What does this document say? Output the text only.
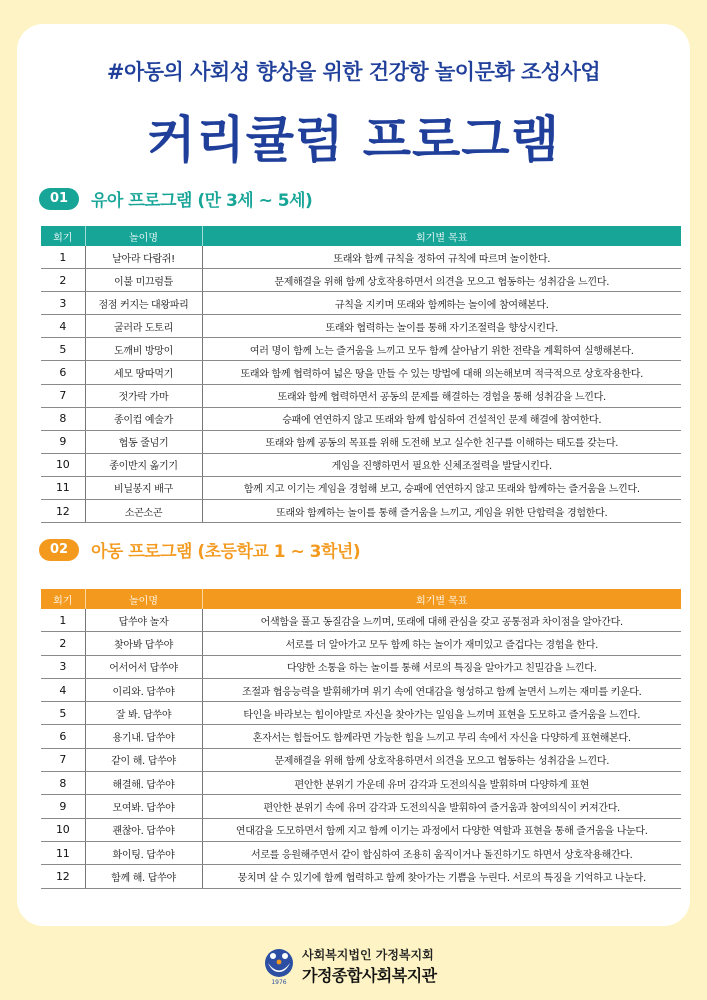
#아동의 사회성 향상을 위한 건강항 놀이문화 조성사업
커리큘럼 프로그램
01	유아 프로그램 (만 3세 ~ 5세)
회기	놀이명	회기별 목표
1	날아라 다람쥐!	또래와 함께 규칙을 정하여 규칙에 따르며 놀이한다.
2	이불 미끄럼틀	문제해결을 위해 함께 상호작용하면서 의견을 모으고 협동하는 성취감을 느낀다.
3	점점 커지는 대왕파리	규칙을 지키며 또래와 함께하는 놀이에 참여해본다.
4	굴러라 도토리	또래와 협력하는 놀이를 통해 자기조절력을 향상시킨다.
5	도깨비 방망이	여러 명이 함께 노는 즐거움을 느끼고 모두 함께 살아남기 위한 전략을 계획하여 실행해본다.
6	세모 땅따먹기	또래와 함께 협력하여 넓은 땅을 만들 수 있는 방법에 대해 의논해보며 적극적으로 상호작용한다.
7	젓가락 가마	또래와 함께 협력하면서 공동의 문제를 해결하는 경험을 통해 성취감을 느낀다.
8	종이컵 예술가	승패에 연연하지 않고 또래와 함께 합심하여 건설적인 문제 해결에 참여한다.
9	협동 줄넘기	또래와 함께 공동의 목표를 위해 도전해 보고 실수한 친구를 이해하는 태도를 갖는다.
10	종이반지 옮기기	게임을 진행하면서 필요한 신체조절력을 발달시킨다.
11	비닐봉지 배구	함께 지고 이기는 게임을 경험해 보고, 승패에 연연하지 않고 또래와 함께하는 즐거움을 느낀다.
12	소곤소곤	또래와 함께하는 놀이를 통해 즐거움을 느끼고, 게임을 위한 단합력을 경험한다.
02	아동 프로그램 (초등학교 1 ~ 3학년)
회기	놀이명	회기별 목표
1	답쑤야 놀자	어색함을 풀고 동질감을 느끼며, 또래에 대해 관심을 갖고 공통점과 차이점을 알아간다.
2	찾아봐 답쑤야	서로를 더 알아가고 모두 함께 하는 놀이가 재미있고 즐겁다는 경험을 한다.
3	어서어서 답쑤야	다양한 소통을 하는 놀이를 통해 서로의 특징을 알아가고 친밀감을 느낀다.
4	이리와. 답쑤야	조절과 협응능력을 발휘해가며 위기 속에 연대감을 형성하고 함께 놀면서 느끼는 재미를 키운다.
5	잘 봐. 답쑤야	타인을 바라보는 힘이야말로 자신을 찾아가는 일임을 느끼며 표현을 도모하고 즐거움을 느낀다.
6	용기내. 답쑤야	혼자서는 힘들어도 함께라면 가능한 힘을 느끼고 무리 속에서 자신을 다양하게 표현해본다.
7	같이 해. 답쑤야	문제해결을 위해 함께 상호작용하면서 의견을 모으고 협동하는 성취감을 느낀다.
8	해결해. 답쑤야	편안한 분위기 가운데 유머 감각과 도전의식을 발휘하며 다양하게 표현
9	모여봐. 답쑤야	편안한 분위기 속에 유머 감각과 도전의식을 발휘하여 즐거움과 참여의식이 커져간다.
10	괜찮아. 답쑤야	연대감을 도모하면서 함께 지고 함께 이기는 과정에서 다양한 역할과 표현을 통해 즐거움을 나눈다.
11	화이팅. 답쑤야	서로를 응원해주면서 같이 합심하여 조용히 움직이거나 돌진하기도 하면서 상호작용해간다.
12	함께 해. 답쑤야	뭉치며 살 수 있기에 함께 협력하고 함께 찾아가는 기쁨을 누린다. 서로의 특징을 기억하고 나눈다.
1976
사회복지법인 가정복지회
가정종합사회복지관
